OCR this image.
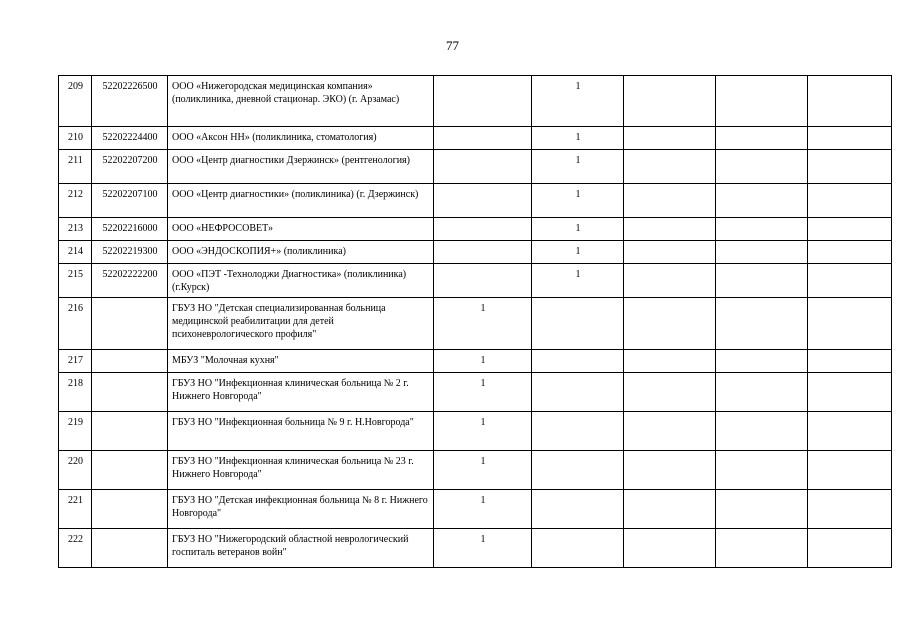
77
209	52202226500	ООО «Нижегородская медицинская компания» (поликлиника, дневной стационар. ЭКО) (г. Арзамас)		1			
210	52202224400	ООО «Аксон НН» (поликлиника, стоматология)		1			
211	52202207200	ООО «Центр диагностики Дзержинск» (рентгенология)		1			
212	52202207100	ООО «Центр диагностики» (поликлиника) (г. Дзержинск)		1			
213	52202216000	ООО «НЕФРОСОВЕТ»		1			
214	52202219300	ООО «ЭНДОСКОПИЯ+» (поликлиника)		1			
215	52202222200	ООО «ПЭТ -Технолоджи Диагностика» (поликлиника) (г.Курск)		1			
216		ГБУЗ НО "Детская специализированная больница медицинской реабилитации для детей психоневрологического профиля"	1				
217		МБУЗ "Молочная кухня"	1				
218		ГБУЗ НО "Инфекционная клиническая больница № 2 г. Нижнего Новгорода"	1				
219		ГБУЗ НО "Инфекционная больница № 9 г. Н.Новгорода"	1				
220		ГБУЗ НО "Инфекционная клиническая больница № 23 г. Нижнего Новгорода"	1				
221		ГБУЗ НО "Детская инфекционная больница № 8 г. Нижнего Новгорода"	1				
222		ГБУЗ НО "Нижегородский областной неврологический госпиталь ветеранов войн"	1				
